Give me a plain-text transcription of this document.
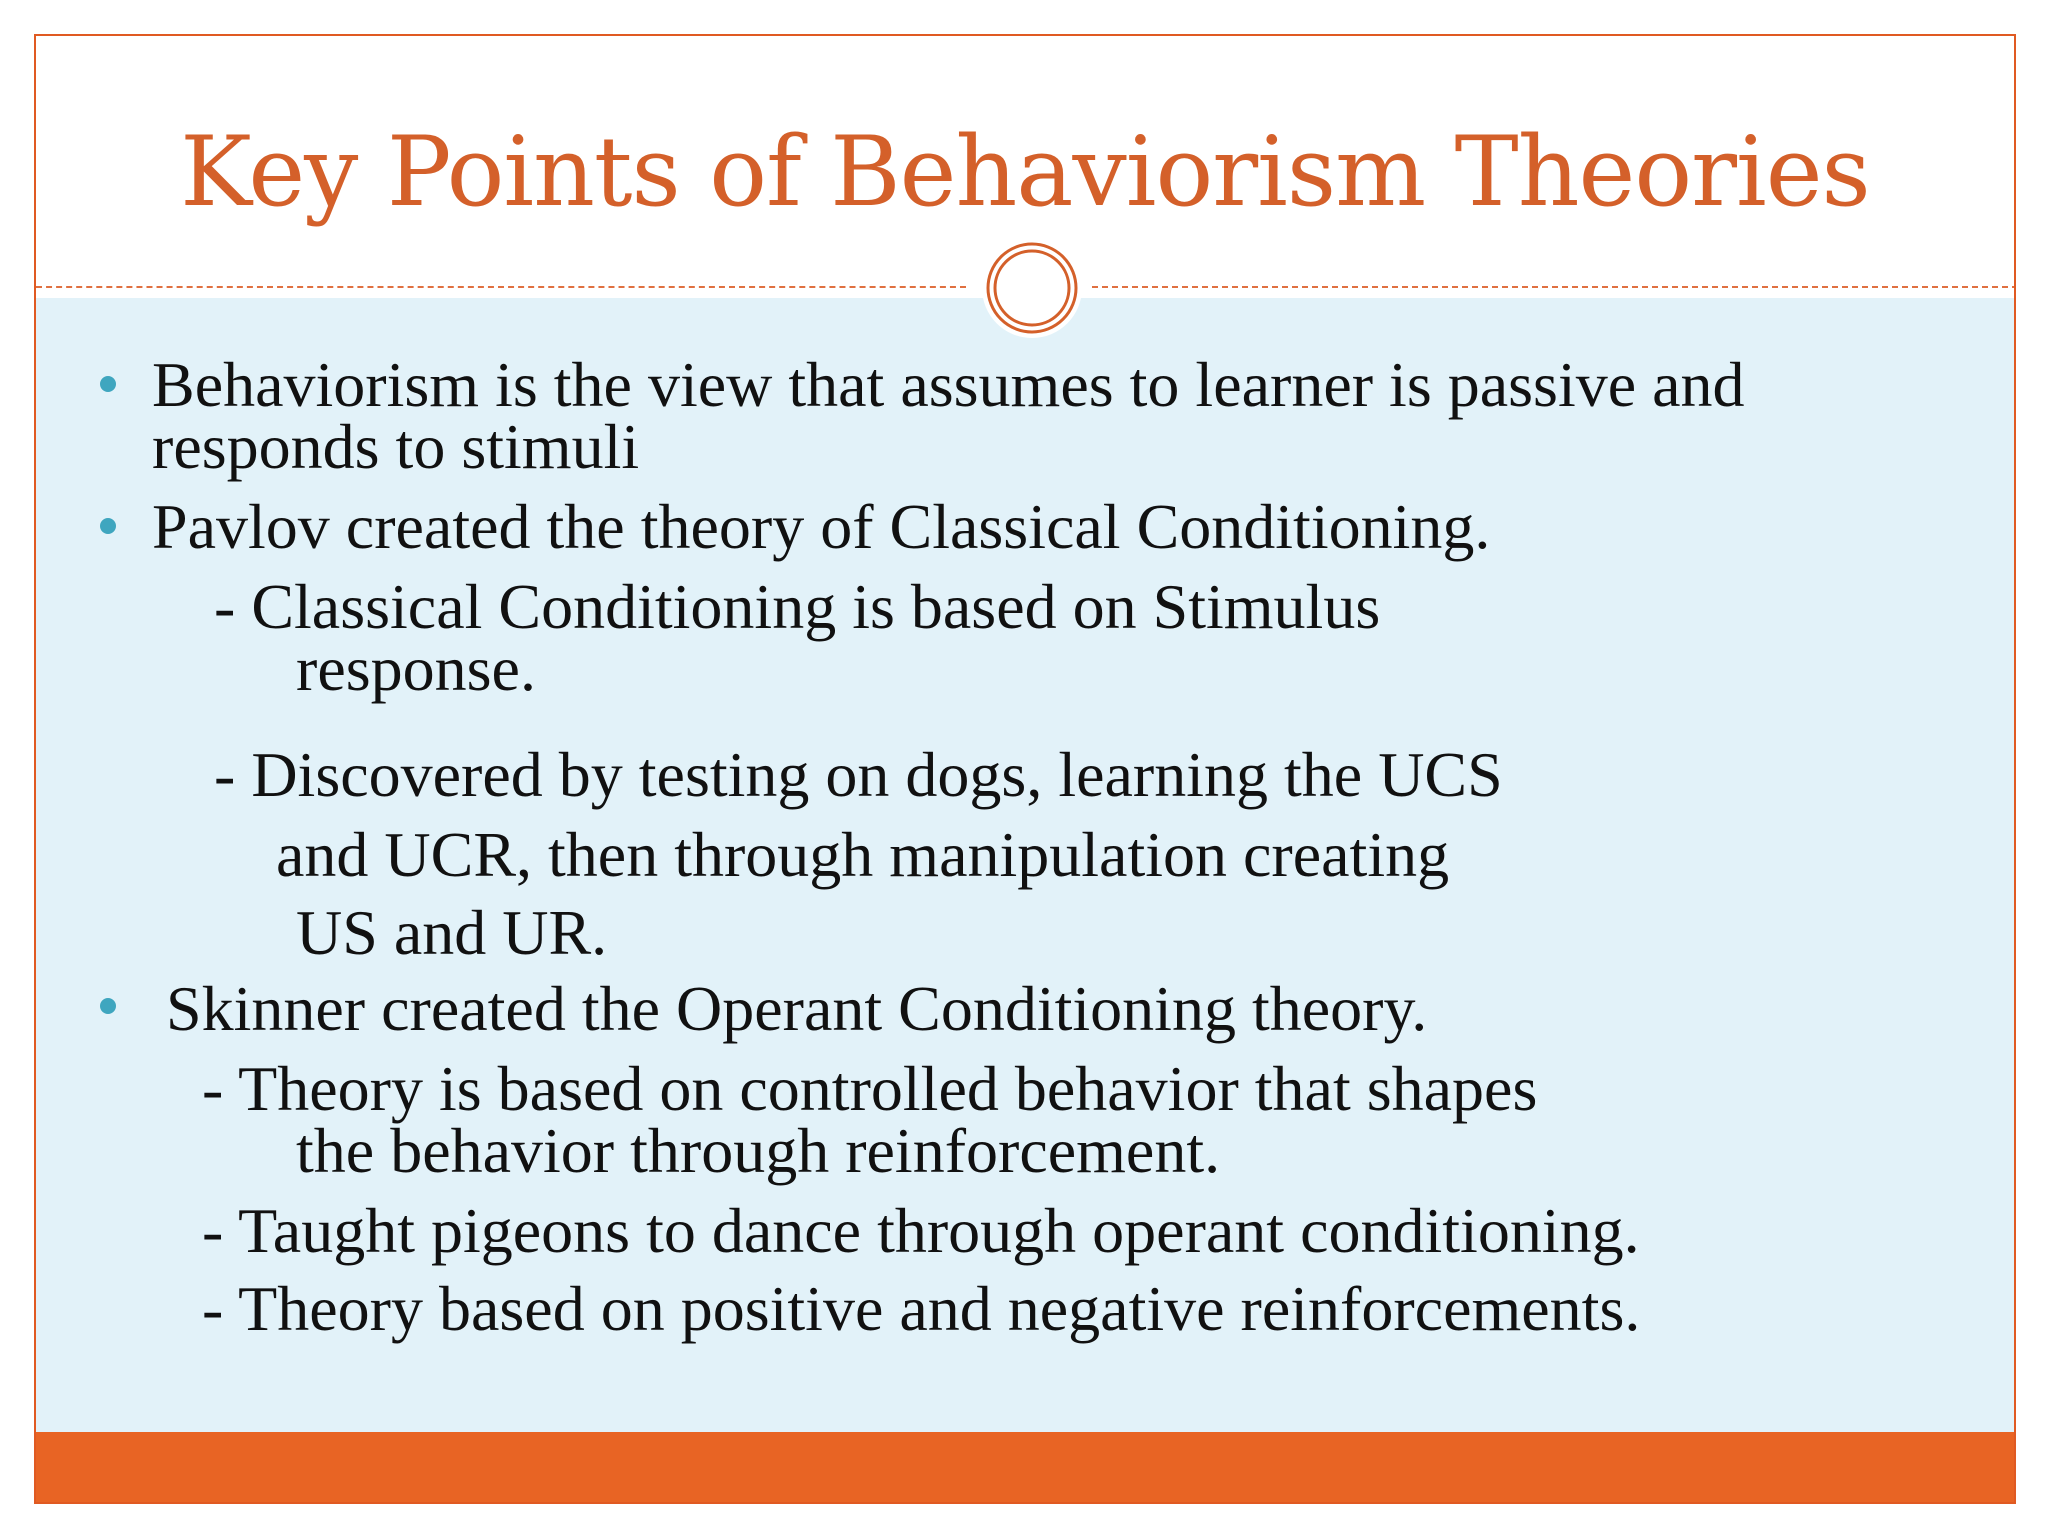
Key Points of Behaviorism Theories
Behaviorism is the view that assumes to learner is passive and
responds to stimuli
Pavlov created the theory of Classical Conditioning.
- Classical Conditioning is based on Stimulus
response.
- Discovered by testing on dogs, learning the UCS
and UCR, then through manipulation creating
US and UR.
Skinner created the Operant Conditioning theory.
- Theory is based on controlled behavior that shapes
the behavior through reinforcement.
- Taught pigeons to dance through operant conditioning.
- Theory based on positive and negative reinforcements.
